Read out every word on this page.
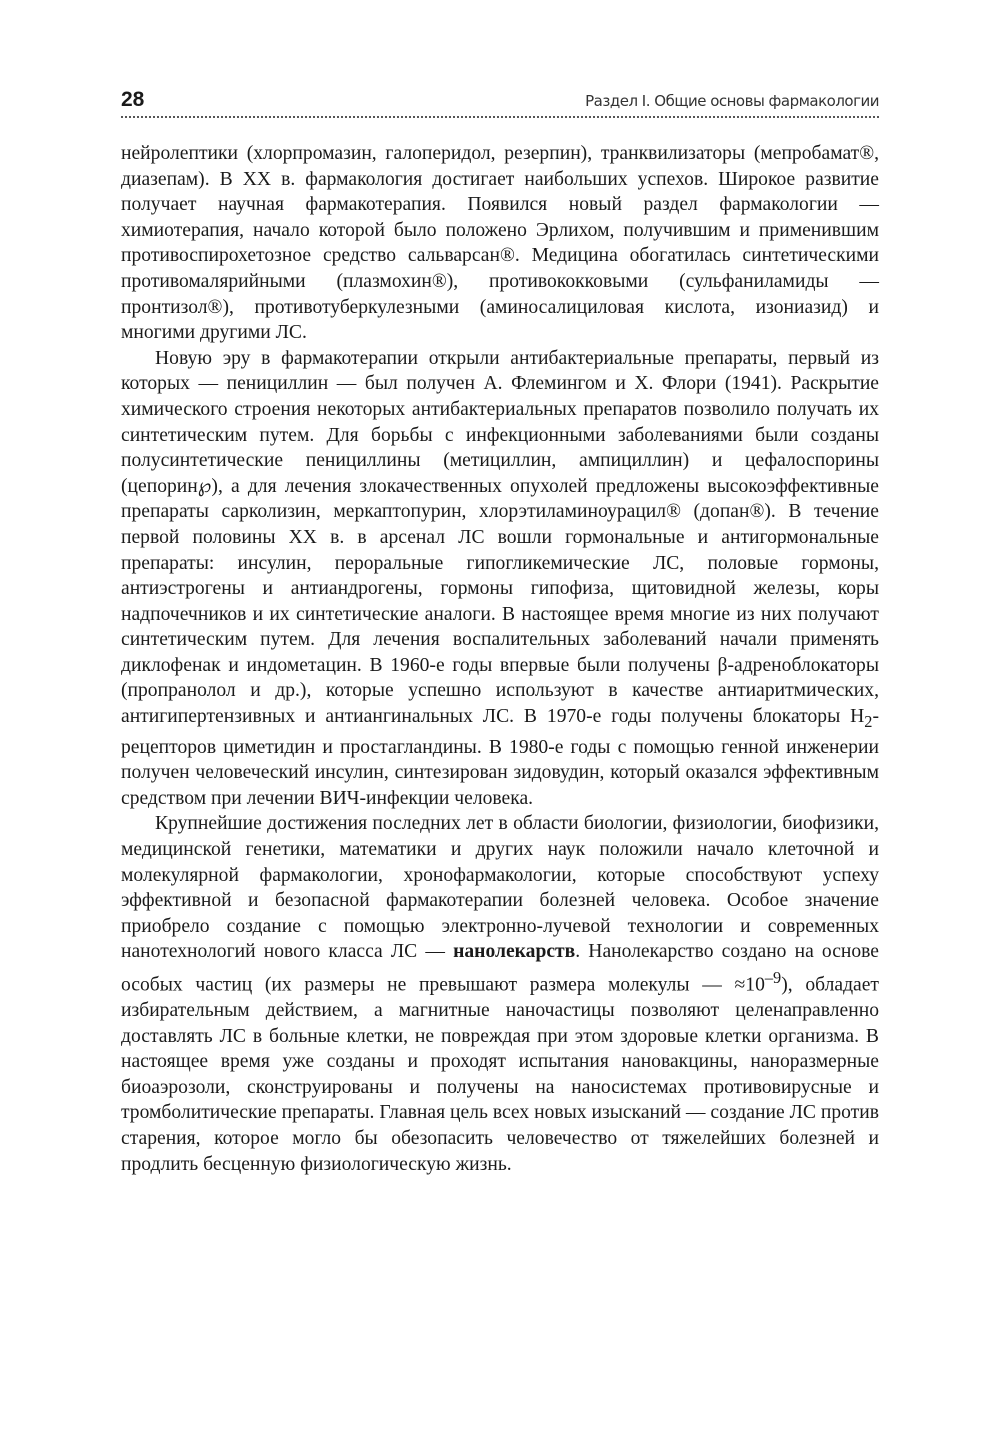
28	Раздел I. Общие основы фармакологии

нейролептики (хлорпромазин, галоперидол, резерпин), транквилизаторы (мепробамат®, диазепам). В XX в. фармакология достигает наибольших успехов. Широкое развитие получает научная фармакотерапия. Появился новый раздел фармакологии — химиотерапия, начало которой было положено Эрлихом, получившим и применившим противоспирохетозное средство сальварсан®. Медицина обогатилась синтетическими противомалярийными (плазмохин®), противококковыми (сульфаниламиды — пронтизол®), противотуберкулезными (аминосалициловая кислота, изониазид) и многими другими ЛС.

Новую эру в фармакотерапии открыли антибактериальные препараты, первый из которых — пенициллин — был получен А. Флемингом и Х. Флори (1941). Раскрытие химического строения некоторых антибактериальных препаратов позволило получать их синтетическим путем. Для борьбы с инфекционными заболеваниями были созданы полусинтетические пенициллины (метициллин, ампициллин) и цефалоспорины (цепорин℘), а для лечения злокачественных опухолей предложены высокоэффективные препараты сарколизин, меркаптопурин, хлорэтиламиноурацил® (допан®). В течение первой половины XX в. в арсенал ЛС вошли гормональные и антигормональные препараты: инсулин, пероральные гипогликемические ЛС, половые гормоны, антиэстрогены и антиандрогены, гормоны гипофиза, щитовидной железы, коры надпочечников и их синтетические аналоги. В настоящее время многие из них получают синтетическим путем. Для лечения воспалительных заболеваний начали применять диклофенак и индометацин. В 1960-е годы впервые были получены β-адреноблокаторы (пропранолол и др.), которые успешно используют в качестве антиаритмических, антигипертензивных и антиангинальных ЛС. В 1970-е годы получены блокаторы $Н_2$-рецепторов циметидин и простагландины. В 1980-е годы с помощью генной инженерии получен человеческий инсулин, синтезирован зидовудин, который оказался эффективным средством при лечении ВИЧ-инфекции человека.

Крупнейшие достижения последних лет в области биологии, физиологии, биофизики, медицинской генетики, математики и других наук положили начало клеточной и молекулярной фармакологии, хронофармакологии, которые способствуют успеху эффективной и безопасной фармакотерапии болезней человека. Особое значение приобрело создание с помощью электронно-лучевой технологии и современных нанотехнологий нового класса ЛС — нанолекарств. Нанолекарство создано на основе особых частиц (их размеры не превышают размера молекулы — $\approx 10^{-9}$), обладает избирательным действием, а магнитные наночастицы позволяют целенаправленно доставлять ЛС в больные клетки, не повреждая при этом здоровые клетки организма. В настоящее время уже созданы и проходят испытания нановакцины, наноразмерные биоаэрозоли, сконструированы и получены на наносистемах противовирусные и тромболитические препараты. Главная цель всех новых изысканий — создание ЛС против старения, которое могло бы обезопасить человечество от тяжелейших болезней и продлить бесценную физиологическую жизнь.
